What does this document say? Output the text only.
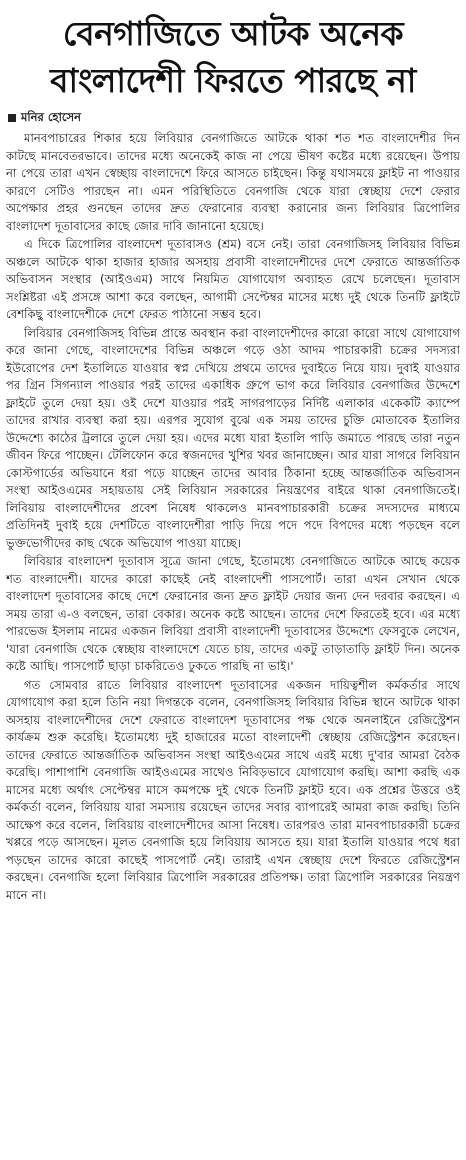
বেনগাজিতে আটক অনেক
বাংলাদেশী ফিরতে পারছে না
মনির হোসেন

মানবপাচারের শিকার হয়ে লিবিয়ার বেনগাজিতে আটকে থাকা শত শত বাংলাদেশীর দিন কাটছে মানবেতরভাবে। তাদের মধ্যে অনেকেই কাজ না পেয়ে ভীষণ কষ্টের মধ্যে রয়েছেন। উপায় না পেয়ে তারা এখন স্বেচ্ছায় বাংলাদেশে ফিরে আসতে চাইছেন। কিন্তু যথাসময়ে ফ্লাইট না পাওয়ার কারণে সেটিও পারছেন না। এমন পরিস্থিতিতে বেনগাজি থেকে যারা স্বেচ্ছায় দেশে ফেরার অপেক্ষার প্রহর গুনছেন তাদের দ্রুত ফেরানোর ব্যবস্থা করানোর জন্য লিবিয়ার ত্রিপোলির বাংলাদেশ দূতাবাসের কাছে জোর দাবি জানানো হয়েছে।

এ দিকে ত্রিপোলির বাংলাদেশ দূতাবাসও (শ্রম) বসে নেই। তারা বেনগাজিসহ লিবিয়ার বিভিন্ন অঞ্চলে আটকে থাকা হাজার হাজার অসহায় প্রবাসী বাংলাদেশীদের দেশে ফেরাতে আন্তর্জাতিক অভিবাসন সংস্থার (আইওএম) সাথে নিয়মিত যোগাযোগ অব্যাহত রেখে চলেছেন। দূতাবাস সংশ্লিষ্টরা এই প্রসঙ্গে আশা করে বলছেন, আগামী সেপ্টেম্বর মাসের মধ্যে দুই থেকে তিনটি ফ্লাইটে বেশকিছু বাংলাদেশীকে দেশে ফেরত পাঠানো সম্ভব হবে।

লিবিয়ার বেনগাজিসহ বিভিন্ন প্রান্তে অবস্থান করা বাংলাদেশীদের কারো কারো সাথে যোগাযোগ করে জানা গেছে, বাংলাদেশের বিভিন্ন অঞ্চলে গড়ে ওঠা আদম পাচারকারী চক্রের সদস্যরা ইউরোপের দেশ ইতালিতে যাওয়ার স্বপ্ন দেখিয়ে প্রথমে তাদের দুবাইতে নিয়ে যায়। দুবাই যাওয়ার পর গ্রিন সিগন্যাল পাওয়ার পরই তাদের একাধিক গ্রুপে ভাগ করে লিবিয়ার বেনগাজির উদ্দেশে ফ্লাইটে তুলে দেয়া হয়। ওই দেশে যাওয়ার পরই সাগরপাড়ের নির্দিষ্ট এলাকার একেকটি ক্যাম্পে তাদের রাখার ব্যবস্থা করা হয়। এরপর সুযোগ বুঝে এক সময় তাদের চুক্তি মোতাবেক ইতালির উদ্দেশ্যে কাঠের ট্রলারে তুলে দেয়া হয়। এদের মধ্যে যারা ইতালি পাড়ি জমাতে পারছে তারা নতুন জীবন ফিরে পাচ্ছেন। টেলিফোন করে স্বজনদের খুশির খবর জানাচ্ছেন। আর যারা সাগরে লিবিয়ান কোস্টগার্ডের অভিযানে ধরা পড়ে যাচ্ছেন তাদের আবার ঠিকানা হচ্ছে আন্তর্জাতিক অভিবাসন সংস্থা আইওএমের সহায়তায় সেই লিবিয়ান সরকারের নিয়ন্ত্রণের বাইরে থাকা বেনগাজিতেই। লিবিয়ায় বাংলাদেশীদের প্রবেশ নিষেধ থাকলেও মানবপাচারকারী চক্রের সদস্যদের মাধ্যমে প্রতিদিনই দুবাই হয়ে দেশটিতে বাংলাদেশীরা পাড়ি দিয়ে পদে পদে বিপদের মধ্যে পড়ছেন বলে ভুক্তভোগীদের কাছ থেকে অভিযোগ পাওয়া যাচ্ছে।

লিবিয়ার বাংলাদেশ দূতাবাস সূত্রে জানা গেছে, ইতোমধ্যে বেনগাজিতে আটকে আছে কয়েক শত বাংলাদেশী। যাদের কারো কাছেই নেই বাংলাদেশী পাসপোর্ট। তারা এখন সেখান থেকে বাংলাদেশ দূতাবাসের কাছে দেশে ফেরানোর জন্য দ্রুত ফ্লাইট দেয়ার জন্য দেন দরবার করছেন। এ সময় তারা এ-ও বলছেন, তারা বেকার। অনেক কষ্টে আছেন। তাদের দেশে ফিরতেই হবে। এর মধ্যে পারভেজ ইসলাম নামের একজন লিবিয়া প্রবাসী বাংলাদেশী দূতাবাসের উদ্দেশ্যে ফেসবুকে লেখেন, 'যারা বেনগাজি থেকে স্বেচ্ছায় বাংলাদেশে যেতে চায়, তাদের একটু তাড়াতাড়ি ফ্লাইট দিন। অনেক কষ্টে আছি। পাসপোর্ট ছাড়া চাকরিতেও ঢুকতে পারছি না ভাই।'

গত সোমবার রাতে লিবিয়ার বাংলাদেশ দূতাবাসের একজন দায়িত্বশীল কর্মকর্তার সাথে যোগাযোগ করা হলে তিনি নয়া দিগন্তকে বলেন, বেনগাজিসহ লিবিয়ার বিভিন্ন স্থানে আটকে থাকা অসহায় বাংলাদেশীদের দেশে ফেরাতে বাংলাদেশ দূতাবাসের পক্ষ থেকে অনলাইনে রেজিস্ট্রেশন কার্যক্রম শুরু করেছি। ইতোমধ্যে দুই হাজারের মতো বাংলাদেশী স্বেচ্ছায় রেজিস্ট্রেশন করেছেন। তাদের ফেরাতে আন্তর্জাতিক অভিবাসন সংস্থা আইওএমের সাথে এরই মধ্যে দু'বার আমরা বৈঠক করেছি। পাশাপাশি বেনগাজি আইওএমের সাথেও নিবিড়ভাবে যোগাযোগ করছি। আশা করছি এক মাসের মধ্যে অর্থাৎ সেপ্টেম্বর মাসে কমপক্ষে দুই থেকে তিনটি ফ্লাইট হবে। এক প্রশ্নের উত্তরে ওই কর্মকর্তা বলেন, লিবিয়ায় যারা সমস্যায় রয়েছেন তাদের সবার ব্যাপারেই আমরা কাজ করছি। তিনি আক্ষেপ করে বলেন, লিবিয়ায় বাংলাদেশীদের আসা নিষেধ। তারপরও তারা মানবপাচারকারী চক্রের খপ্পরে পড়ে আসছেন। মূলত বেনগাজি হয়ে লিবিয়ায় আসতে হয়। যারা ইতালি যাওয়ার পথে ধরা পড়ছেন তাদের কারো কাছেই পাসপোর্ট নেই। তারাই এখন স্বেচ্ছায় দেশে ফিরতে রেজিস্ট্রেশন করছেন। বেনগাজি হলো লিবিয়ার ত্রিপোলি সরকারের প্রতিপক্ষ। তারা ত্রিপোলি সরকারের নিয়ন্ত্রণ মানে না।
